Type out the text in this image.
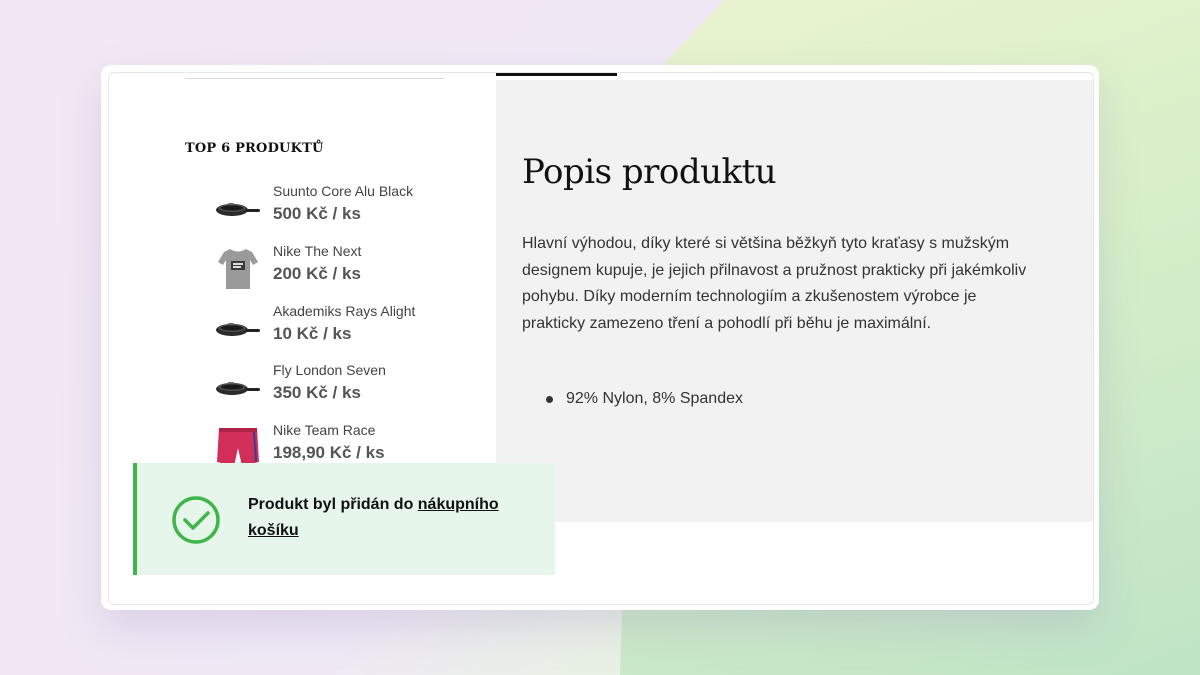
TOP 6 PRODUKTŮ
Suunto Core Alu Black
500 Kč / ks
Nike The Next
200 Kč / ks
Akademiks Rays Alight
10 Kč / ks
Fly London Seven
350 Kč / ks
Nike Team Race
198,90 Kč / ks
Popis produktu
Hlavní výhodou, díky které si většina běžkyň tyto kraťasy s mužským designem kupuje, je jejich přilnavost a pružnost prakticky při jakémkoliv pohybu. Díky moderním technologiím a zkušenostem výrobce je prakticky zamezeno tření a pohodlí při běhu je maximální.
92% Nylon, 8% Spandex
Produkt byl přidán do nákupního košíku
